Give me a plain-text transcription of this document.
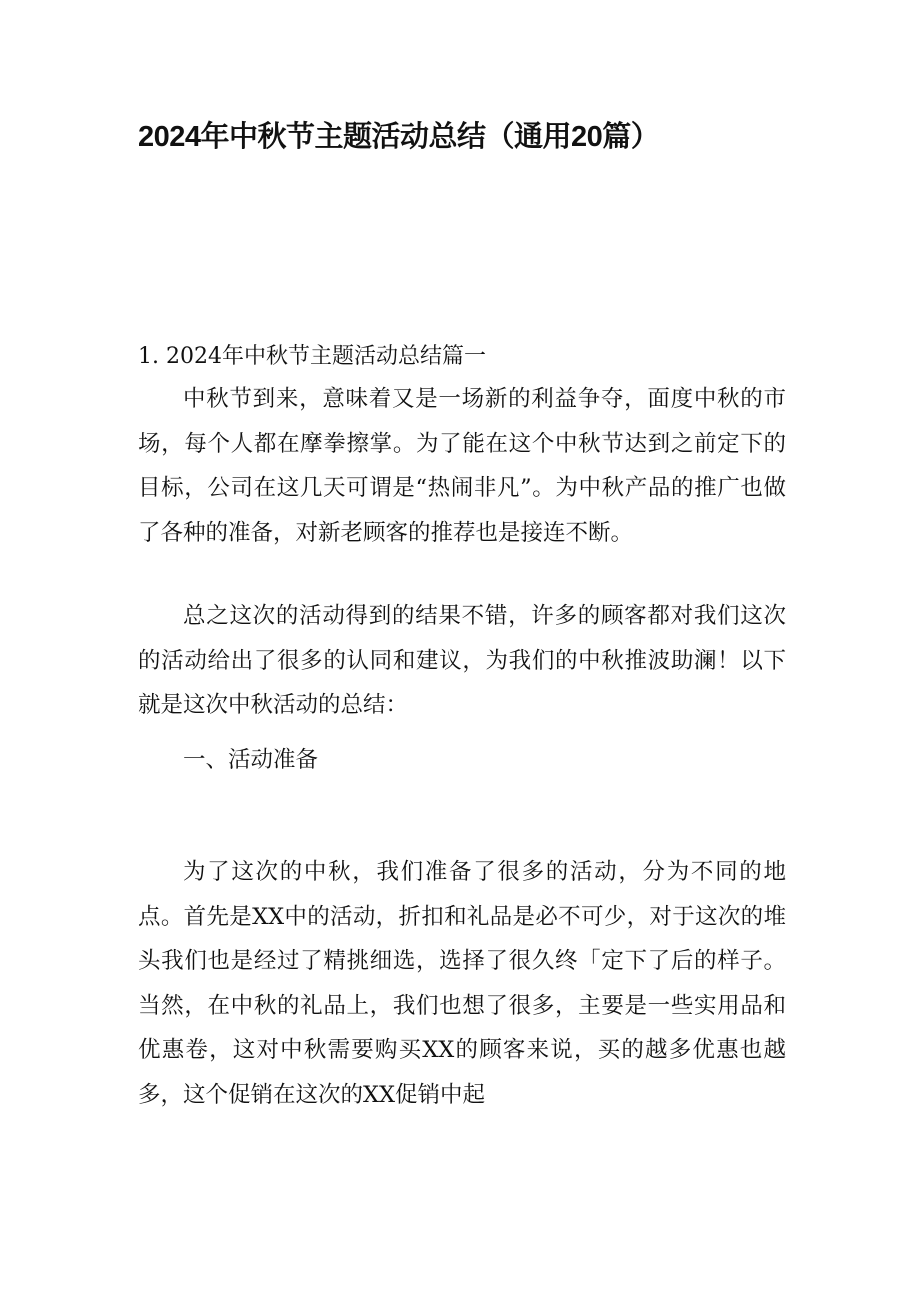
2024年中秋节主题活动总结（通用20篇）
1. 2024年中秋节主题活动总结篇一

中秋节到来，意味着又是一场新的利益争夺，面度中秋的市场，每个人都在摩拳擦掌。为了能在这个中秋节达到之前定下的目标，公司在这几天可谓是“热闹非凡”。为中秋产品的推广也做了各种的准备，对新老顾客的推荐也是接连不断。

总之这次的活动得到的结果不错，许多的顾客都对我们这次的活动给出了很多的认同和建议，为我们的中秋推波助澜！以下就是这次中秋活动的总结：

一、活动准备

为了这次的中秋，我们准备了很多的活动，分为不同的地点。首先是XX中的活动，折扣和礼品是必不可少，对于这次的堆头我们也是经过了精挑细选，选择了很久终「定下了后的样子。当然，在中秋的礼品上，我们也想了很多，主要是一些实用品和优惠卷，这对中秋需要购买XX的顾客来说，买的越多优惠也越多，这个促销在这次的XX促销中起
